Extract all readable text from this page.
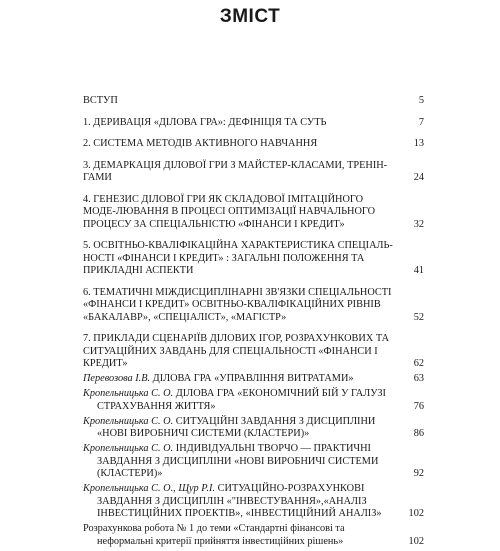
ЗМІСТ
ВСТУП	5
1. ДЕРИВАЦІЯ «ДІЛОВА ГРА»: ДЕФІНІЦІЯ ТА СУТЬ	7
2. СИСТЕМА МЕТОДІВ АКТИВНОГО НАВЧАННЯ	13
3. ДЕМАРКАЦІЯ ДІЛОВОЇ ГРИ З МАЙСТЕР-КЛАСАМИ, ТРЕНІН-ГАМИ	24
4. ГЕНЕЗИС ДІЛОВОЇ ГРИ ЯК СКЛАДОВОЇ ІМІТАЦІЙНОГО МОДЕ-ЛЮВАННЯ В ПРОЦЕСІ ОПТИМІЗАЦІЇ НАВЧАЛЬНОГО ПРОЦЕСУ ЗА СПЕЦІАЛЬНІСТЮ «ФІНАНСИ І КРЕДИТ»	32
5. ОСВІТНЬО-КВАЛІФІКАЦІЙНА ХАРАКТЕРИСТИКА СПЕЦІАЛЬ-НОСТІ «ФІНАНСИ І КРЕДИТ» : ЗАГАЛЬНІ ПОЛОЖЕННЯ ТА ПРИКЛАДНІ АСПЕКТИ	41
6. ТЕМАТИЧНІ МІЖДИСЦИПЛІНАРНІ ЗВ'ЯЗКИ СПЕЦІАЛЬНОСТІ «ФІНАНСИ І КРЕДИТ» ОСВІТНЬО-КВАЛІФІКАЦІЙНИХ РІВНІВ «БАКАЛАВР», «СПЕЦІАЛІСТ», «МАГІСТР»	52
7. ПРИКЛАДИ СЦЕНАРІЇВ ДІЛОВИХ ІГОР, РОЗРАХУНКОВИХ ТА СИТУАЦІЙНИХ ЗАВДАНЬ ДЛЯ СПЕЦІАЛЬНОСТІ «ФІНАНСИ І КРЕДИТ»	62
Перевозова І.В. ДІЛОВА ГРА «УПРАВЛІННЯ ВИТРАТАМИ»	63
Кропельницька С. О. ДІЛОВА ГРА «ЕКОНОМІЧНИЙ БІЙ У ГАЛУЗІ СТРАХУВАННЯ ЖИТТЯ»	76
Кропельницька С. О. СИТУАЦІЙНІ ЗАВДАННЯ З ДИСЦИПЛІНИ «НОВІ ВИРОБНИЧІ СИСТЕМИ (КЛАСТЕРИ)»	86
Кропельницька С. О. ІНДИВІДУАЛЬНІ ТВОРЧО — ПРАКТИЧНІ ЗАВДАННЯ З ДИСЦИПЛІНИ «НОВІ ВИРОБНИЧІ СИСТЕМИ (КЛАСТЕРИ)»	92
Кропельницька С. О., Щур Р.І. СИТУАЦІЙНО-РОЗРАХУНКОВІ ЗАВДАННЯ З ДИСЦИПЛІН «"ІНВЕСТУВАННЯ»,«АНАЛІЗ ІНВЕСТИЦІЙНИХ ПРОЕКТІВ», «ІНВЕСТИЦІЙНИЙ АНАЛІЗ»	102
Розрахункова робота № 1 до теми «Стандартні фінансові та неформальні критерії прийняття інвестиційних рішень»	102
